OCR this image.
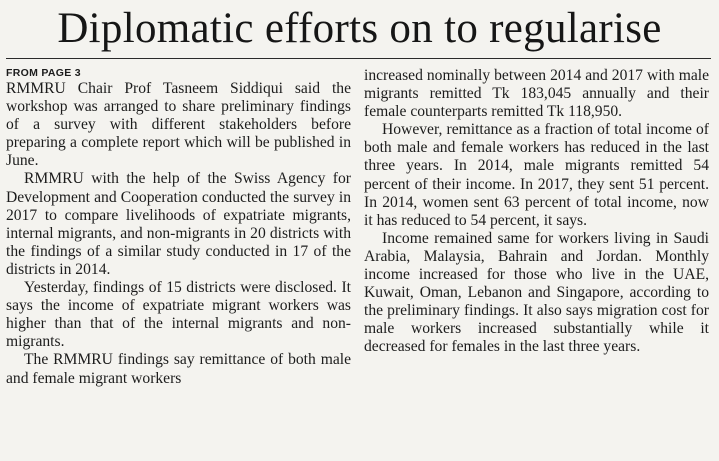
Diplomatic efforts on to regularise
FROM PAGE 3

RMMRU Chair Prof Tasneem Siddiqui said the workshop was arranged to share preliminary findings of a survey with different stakeholders before preparing a complete report which will be published in June.

RMMRU with the help of the Swiss Agency for Development and Cooperation conducted the survey in 2017 to compare livelihoods of expatriate migrants, internal migrants, and non-migrants in 20 districts with the findings of a similar study conducted in 17 of the districts in 2014.

Yesterday, findings of 15 districts were disclosed. It says the income of expatriate migrant workers was higher than that of the internal migrants and non-migrants.

The RMMRU findings say remittance of both male and female migrant workers

increased nominally between 2014 and 2017 with male migrants remitted Tk 183,045 annually and their female counterparts remitted Tk 118,950.

However, remittance as a fraction of total income of both male and female workers has reduced in the last three years. In 2014, male migrants remitted 54 percent of their income. In 2017, they sent 51 percent. In 2014, women sent 63 percent of total income, now it has reduced to 54 percent, it says.

Income remained same for workers living in Saudi Arabia, Malaysia, Bahrain and Jordan. Monthly income increased for those who live in the UAE, Kuwait, Oman, Lebanon and Singapore, according to the preliminary findings. It also says migration cost for male workers increased substantially while it decreased for females in the last three years.
